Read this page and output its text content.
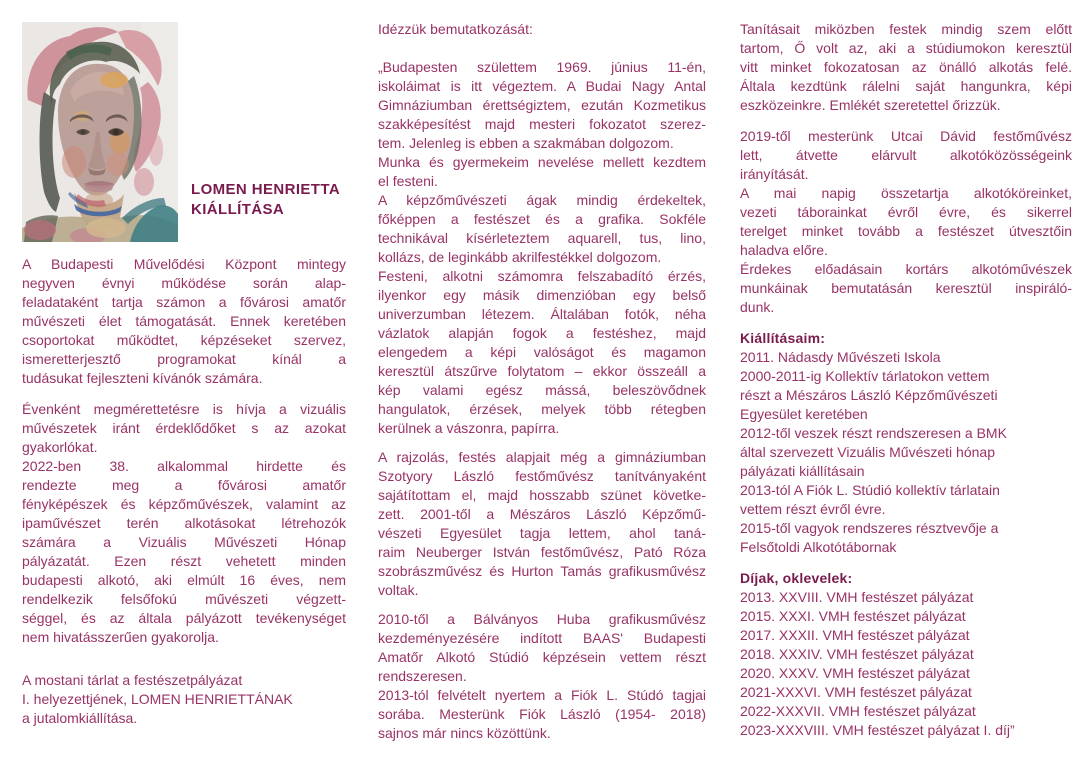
LOMEN HENRIETTA
KIÁLLÍTÁSA
A Budapesti Művelődési Központ mintegy
negyven évnyi működése során alap-
feladataként tartja számon a fővárosi amatőr
művészeti élet támogatását. Ennek keretében
csoportokat működtet, képzéseket szervez,
ismeretterjesztő programokat kínál a
tudásukat fejleszteni kívánók számára.
Évenként megmérettetésre is hívja a vizuális
művészetek iránt érdeklődőket s az azokat
gyakorlókat.
2022-ben 38. alkalommal hirdette és
rendezte meg a fővárosi amatőr
fényképészek és képzőművészek, valamint az
ipaművészet terén alkotásokat létrehozók
számára a Vizuális Művészeti Hónap
pályázatát. Ezen részt vehetett minden
budapesti alkotó, aki elmúlt 16 éves, nem
rendelkezik felsőfokú művészeti végzett-
séggel, és az általa pályázott tevékenységet
nem hivatásszerűen gyakorolja.
A mostani tárlat a festészetpályázat
I. helyezettjének, LOMEN HENRIETTÁNAK
a jutalomkiállítása.
Idézzük bemutatkozását:
„Budapesten születtem 1969. június 11-én,
iskoláimat is itt végeztem. A Budai Nagy Antal
Gimnáziumban érettségiztem, ezután Kozmetikus
szakképesítést majd mesteri fokozatot szerez-
tem. Jelenleg is ebben a szakmában dolgozom.
Munka és gyermekeim nevelése mellett kezdtem
el festeni.
A képzőművészeti ágak mindig érdekeltek,
főképpen a festészet és a grafika. Sokféle
technikával kísérleteztem aquarell, tus, lino,
kollázs, de leginkább akrilfestékkel dolgozom.
Festeni, alkotni számomra felszabadító érzés,
ilyenkor egy másik dimenzióban egy belső
univerzumban létezem. Általában fotók, néha
vázlatok alapján fogok a festéshez, majd
elengedem a képi valóságot és magamon
keresztül átszűrve folytatom – ekkor összeáll a
kép valami egész mássá, beleszövődnek
hangulatok, érzések, melyek több rétegben
kerülnek a vászonra, papírra.
A rajzolás, festés alapjait még a gimnáziumban
Szotyory László festőművész tanítványaként
sajátítottam el, majd hosszabb szünet követke-
zett. 2001-től a Mészáros László Képzőmű-
vészeti Egyesület tagja lettem, ahol taná-
raim Neuberger István festőművész, Pató Róza
szobrászművész és Hurton Tamás grafikusművész
voltak.
2010-től a Bálványos Huba grafikusművész
kezdeményezésére indított BAAS' Budapesti
Amatőr Alkotó Stúdió képzésein vettem részt
rendszeresen.
2013-tól felvételt nyertem a Fiók L. Stúdó tagjai
sorába. Mesterünk Fiók László (1954- 2018)
sajnos már nincs közöttünk.
Tanításait miközben festek mindig szem előtt
tartom, Ő volt az, aki a stúdiumokon keresztül
vitt minket fokozatosan az önálló alkotás felé.
Általa kezdtünk rálelni saját hangunkra, képi
eszközeinkre. Emlékét szeretettel őrizzük.
2019-től mesterünk Utcai Dávid festőművész
lett, átvette elárvult alkotóközösségeink
irányítását.
A mai napig összetartja alkotóköreinket,
vezeti táborainkat évről évre, és sikerrel
terelget minket tovább a festészet útvesztőin
haladva előre.
Érdekes előadásain kortárs alkotóművészek
munkáinak bemutatásán keresztül inspiráló-
dunk.
Kiállításaim:
2011. Nádasdy Művészeti Iskola
2000-2011-ig Kollektív tárlatokon vettem
részt a Mészáros László Képzőművészeti
Egyesület keretében
2012-től veszek részt rendszeresen a BMK
által szervezett Vizuális Művészeti hónap
pályázati kiállításain
2013-tól A Fiók L. Stúdió kollektív tárlatain
vettem részt évről évre.
2015-től vagyok rendszeres résztvevője a
Felsőtoldi Alkotótábornak
Díjak, oklevelek:
2013. XXVIII. VMH festészet pályázat
2015. XXXI. VMH festészet pályázat
2017. XXXII. VMH festészet pályázat
2018. XXXIV. VMH festészet pályázat
2020. XXXV. VMH festészet pályázat
2021-XXXVI. VMH festészet pályázat
2022-XXXVII. VMH festészet pályázat
2023-XXXVIII. VMH festészet pályázat I. díj”
